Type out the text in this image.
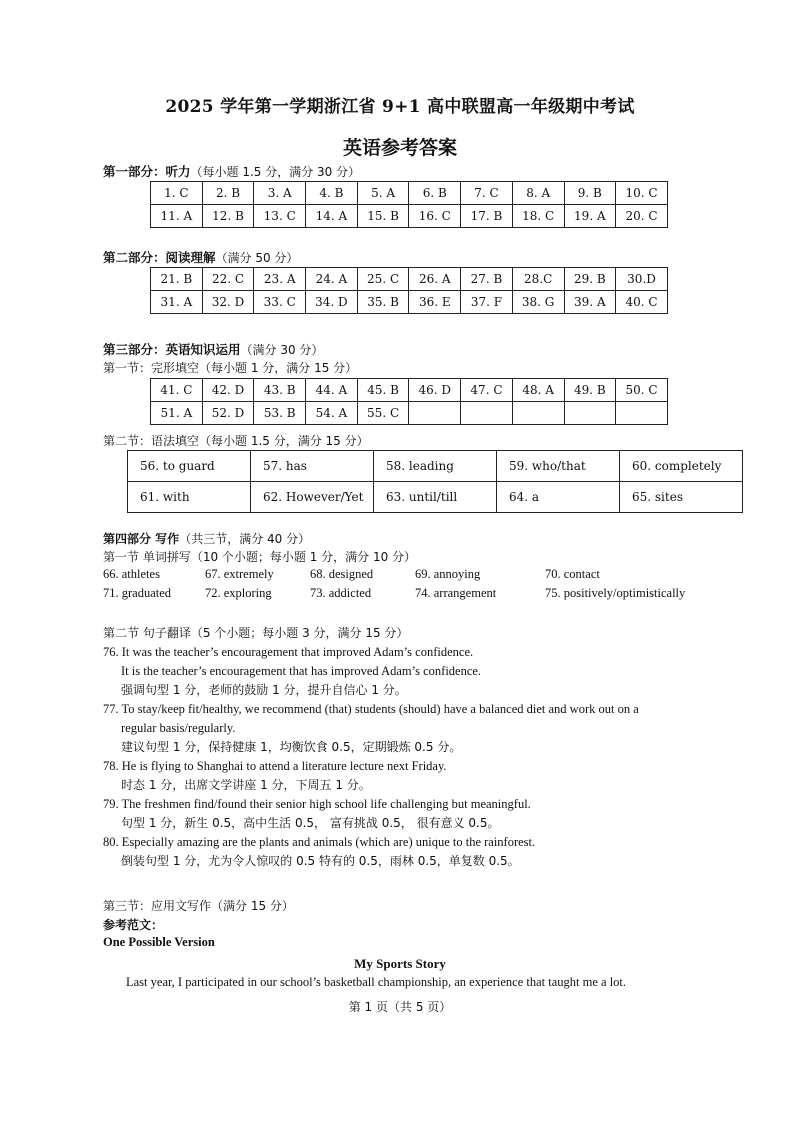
2025 学年第一学期浙江省 9+1 高中联盟高一年级期中考试
英语参考答案
第一部分：听力（每小题 1.5 分，满分 30 分）
1. C	2. B	3. A	4. B	5. A	6. B	7. C	8. A	9. B	10. C
11. A	12. B	13. C	14. A	15. B	16. C	17. B	18. C	19. A	20. C
第二部分：阅读理解（满分 50 分）
21. B	22. C	23. A	24. A	25. C	26. A	27. B	28.C	29. B	30.D
31. A	32. D	33. C	34. D	35. B	36. E	37. F	38. G	39. A	40. C
第三部分：英语知识运用（满分 30 分）
第一节：完形填空（每小题 1 分，满分 15 分）
41. C	42. D	43. B	44. A	45. B	46. D	47. C	48. A	49. B	50. C
51. A	52. D	53. B	54. A	55. C					
第二节：语法填空（每小题 1.5 分，满分 15 分）
56. to guard	57. has	58. leading	59. who/that	60. completely
61. with	62. However/Yet	63. until/till	64. a	65. sites
第四部分 写作（共三节，满分 40 分）
第一节 单词拼写（10 个小题；每小题 1 分，满分 10 分）
66. athletes	67. extremely	68. designed	69. annoying	70. contact
71. graduated	72. exploring	73. addicted	74. arrangement	75. positively/optimistically
第二节 句子翻译（5 个小题；每小题 3 分，满分 15 分）
76. It was the teacher’s encouragement that improved Adam’s confidence.
It is the teacher’s encouragement that has improved Adam’s confidence.
强调句型 1 分，老师的鼓励 1 分，提升自信心 1 分。
77. To stay/keep fit/healthy, we recommend (that) students (should) have a balanced diet and work out on a
regular basis/regularly.
建议句型 1 分，保持健康 1，均衡饮食 0.5，定期锻炼 0.5 分。
78. He is flying to Shanghai to attend a literature lecture next Friday.
时态 1 分，出席文学讲座 1 分，下周五 1 分。
79. The freshmen find/found their senior high school life challenging but meaningful.
句型 1 分，新生 0.5，高中生活 0.5， 富有挑战 0.5， 很有意义 0.5。
80. Especially amazing are the plants and animals (which are) unique to the rainforest.
倒装句型 1 分，尤为令人惊叹的 0.5 特有的 0.5，雨林 0.5，单复数 0.5。
第三节：应用文写作（满分 15 分）
参考范文：
One Possible Version
My Sports Story
Last year, I participated in our school’s basketball championship, an experience that taught me a lot.
第 1 页（共 5 页）
